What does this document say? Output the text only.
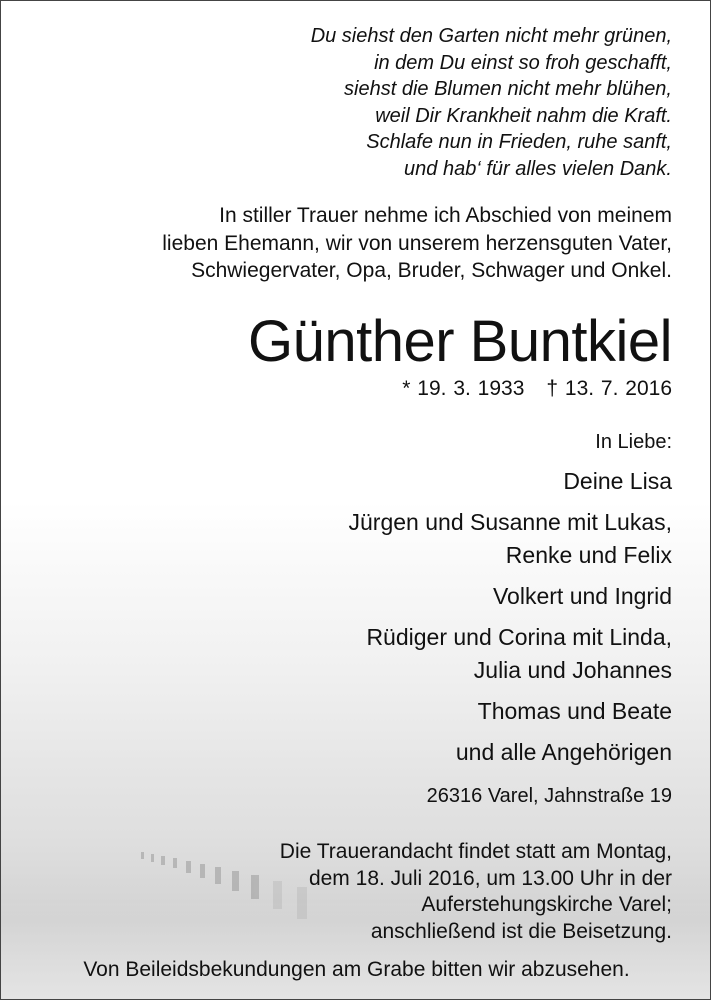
Du siehst den Garten nicht mehr grünen,
in dem Du einst so froh geschafft,
siehst die Blumen nicht mehr blühen,
weil Dir Krankheit nahm die Kraft.
Schlafe nun in Frieden, ruhe sanft,
und hab‘ für alles vielen Dank.
In stiller Trauer nehme ich Abschied von meinem
lieben Ehemann, wir von unserem herzensguten Vater,
Schwiegervater, Opa, Bruder, Schwager und Onkel.
Günther Buntkiel
* 19. 3. 1933 † 13. 7. 2016
In Liebe:
Deine Lisa
Jürgen und Susanne mit Lukas,
Renke und Felix
Volkert und Ingrid
Rüdiger und Corina mit Linda,
Julia und Johannes
Thomas und Beate
und alle Angehörigen
26316 Varel, Jahnstraße 19
Die Trauerandacht findet statt am Montag,
dem 18. Juli 2016, um 13.00 Uhr in der
Auferstehungskirche Varel;
anschließend ist die Beisetzung.
Von Beileidsbekundungen am Grabe bitten wir abzusehen.
